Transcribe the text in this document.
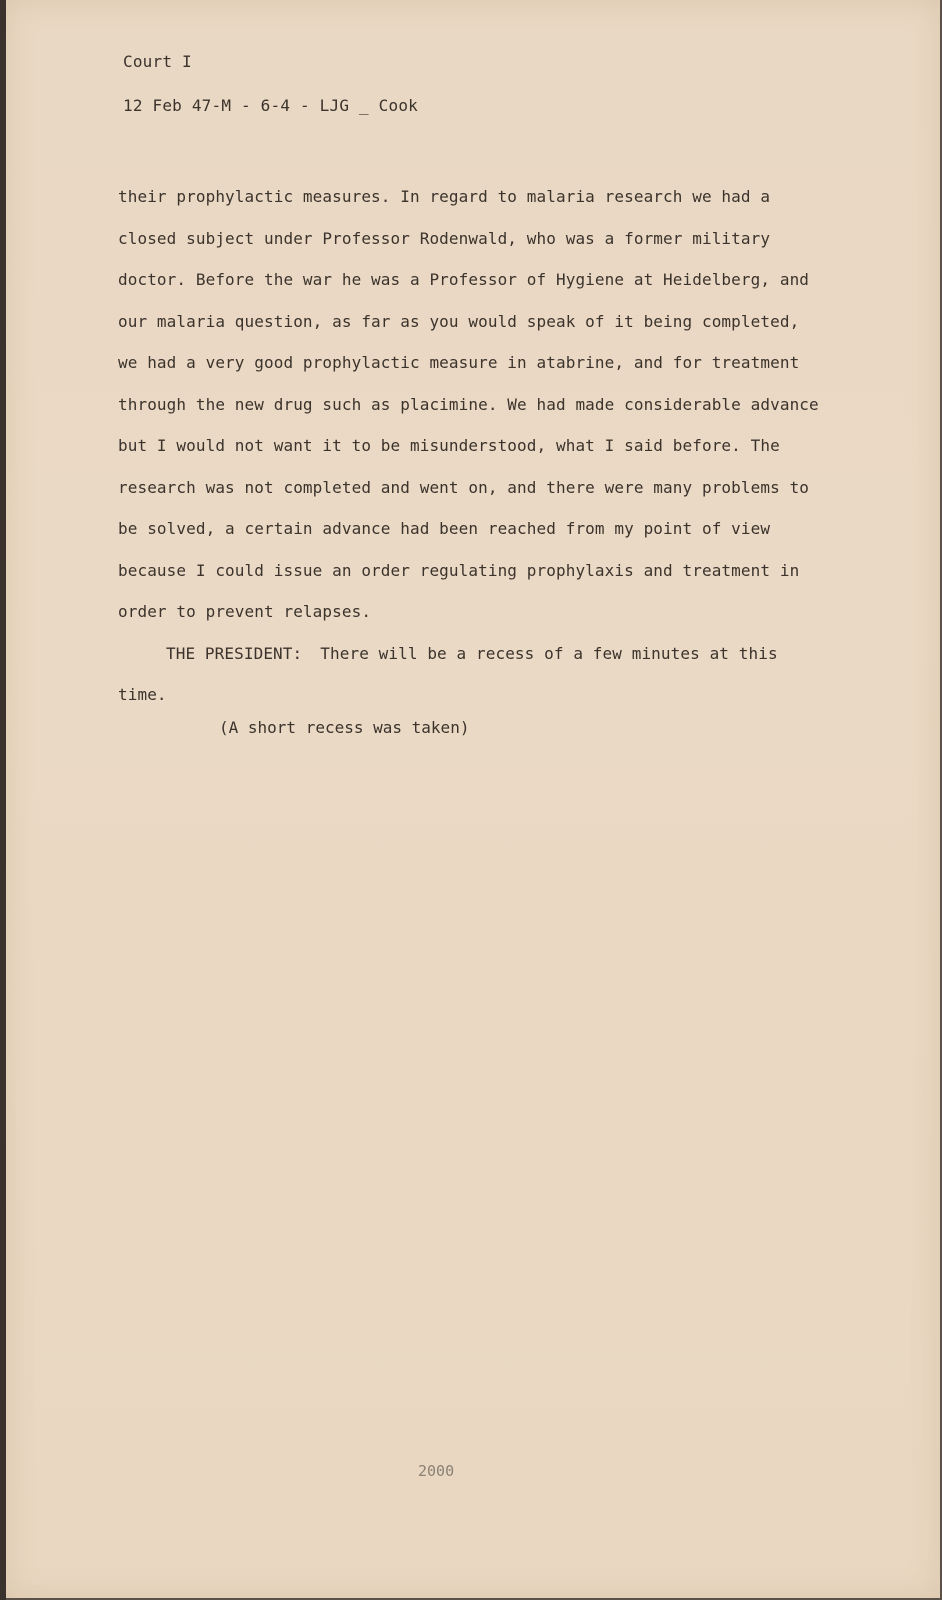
Court I

12 Feb 47-M - 6-4 - LJG _ Cook

their prophylactic measures. In regard to malaria research we had a
closed subject under Professor Rodenwald, who was a former military
doctor. Before the war he was a Professor of Hygiene at Heidelberg, and
our malaria question, as far as you would speak of it being completed,
we had a very good prophylactic measure in atabrine, and for treatment
through the new drug such as placimine. We had made considerable advance
but I would not want it to be misunderstood, what I said before. The
research was not completed and went on, and there were many problems to
be solved, a certain advance had been reached from my point of view
because I could issue an order regulating prophylaxis and treatment in
order to prevent relapses.
THE PRESIDENT: There will be a recess of a few minutes at this
time.

(A short recess was taken)

2000
